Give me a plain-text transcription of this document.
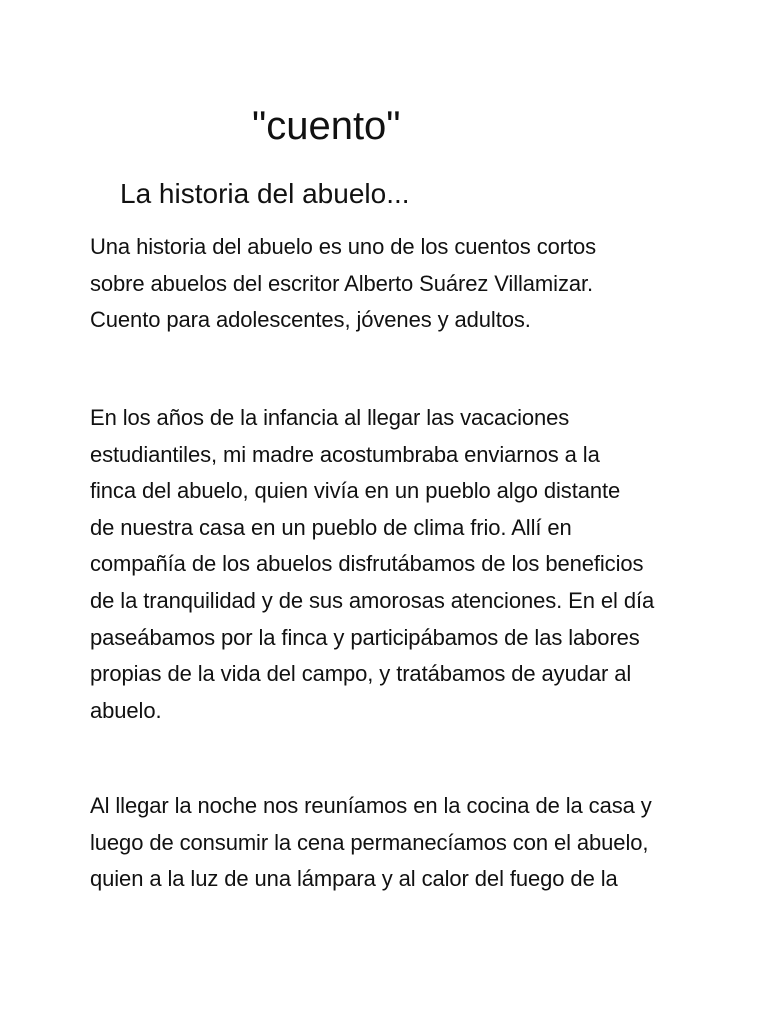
"cuento"
La historia del abuelo...

Una historia del abuelo es uno de los cuentos cortos
sobre abuelos del escritor Alberto Suárez Villamizar.
Cuento para adolescentes, jóvenes y adultos.

En los años de la infancia al llegar las vacaciones
estudiantiles, mi madre acostumbraba enviarnos a la
finca del abuelo, quien vivía en un pueblo algo distante
de nuestra casa en un pueblo de clima frio. Allí en
compañía de los abuelos disfrutábamos de los beneficios
de la tranquilidad y de sus amorosas atenciones. En el día
paseábamos por la finca y participábamos de las labores
propias de la vida del campo, y tratábamos de ayudar al
abuelo.

Al llegar la noche nos reuníamos en la cocina de la casa y
luego de consumir la cena permanecíamos con el abuelo,
quien a la luz de una lámpara y al calor del fuego de la
